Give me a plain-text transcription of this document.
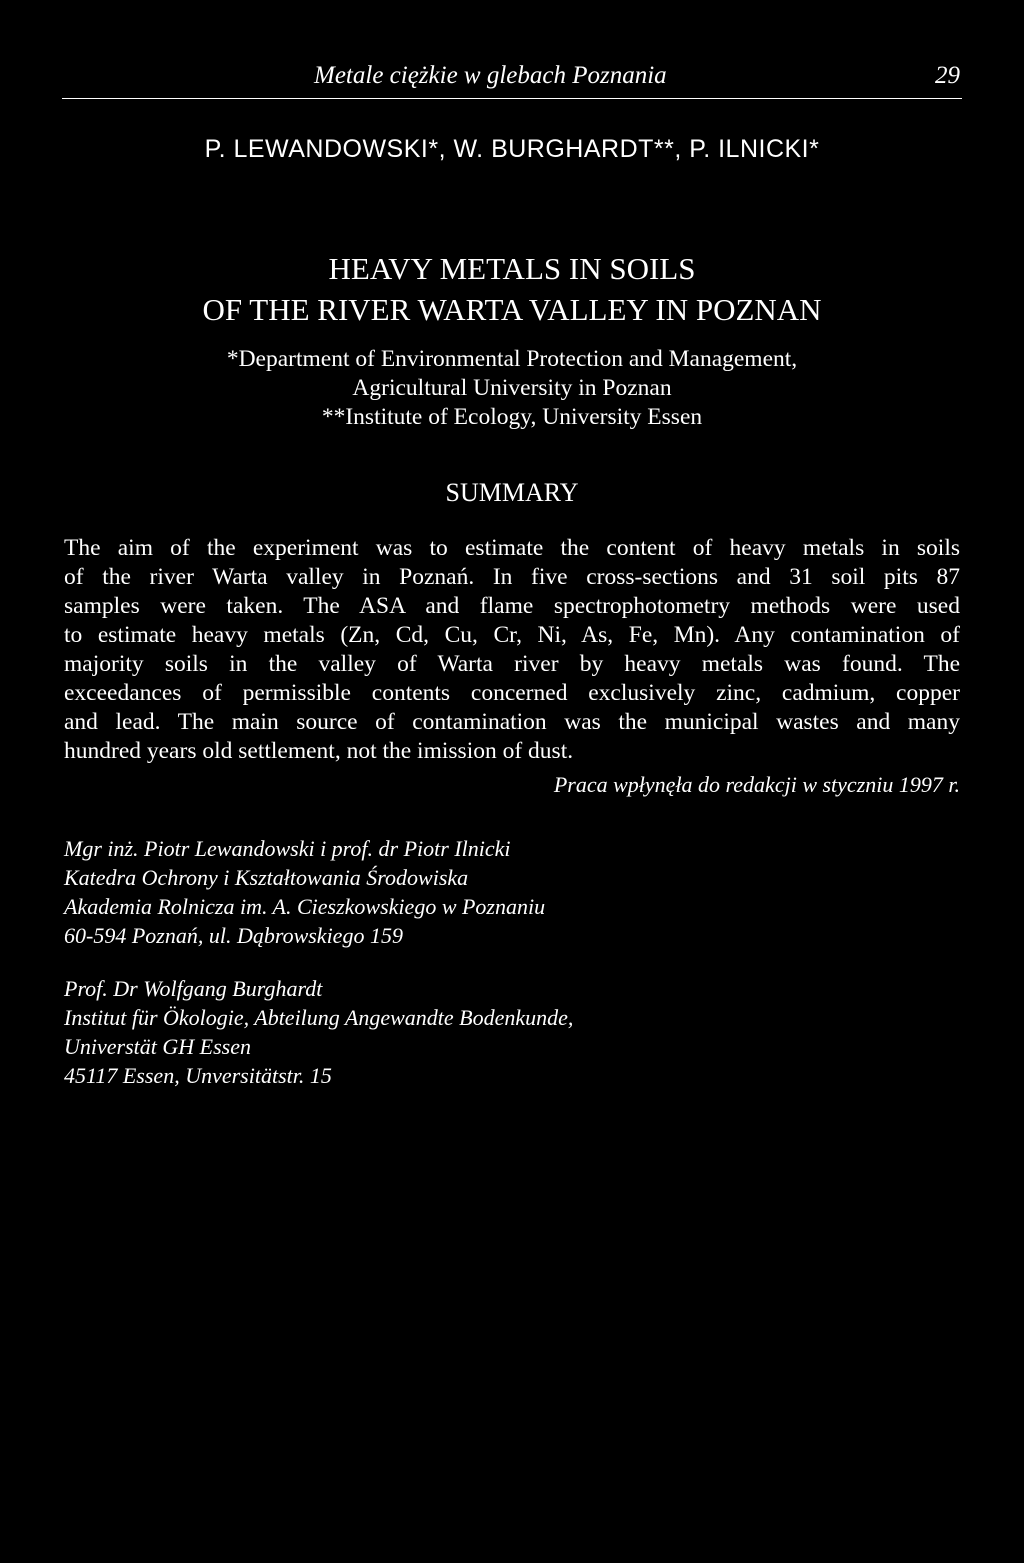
Metale ciężkie w glebach Poznania	29
P. LEWANDOWSKI*, W. BURGHARDT**, P. ILNICKI*
HEAVY METALS IN SOILS
OF THE RIVER WARTA VALLEY IN POZNAN
*Department of Environmental Protection and Management,
Agricultural University in Poznan
**Institute of Ecology, University Essen
SUMMARY

The aim of the experiment was to estimate the content of heavy metals in soils
of the river Warta valley in Poznań. In five cross-sections and 31 soil pits 87
samples were taken. The ASA and flame spectrophotometry methods were used
to estimate heavy metals (Zn, Cd, Cu, Cr, Ni, As, Fe, Mn). Any contamination of
majority soils in the valley of Warta river by heavy metals was found. The
exceedances of permissible contents concerned exclusively zinc, cadmium, copper
and lead. The main source of contamination was the municipal wastes and many
hundred years old settlement, not the imission of dust.

Praca wpłynęła do redakcji w styczniu 1997 r.
Mgr inż. Piotr Lewandowski i prof. dr Piotr Ilnicki
Katedra Ochrony i Kształtowania Środowiska
Akademia Rolnicza im. A. Cieszkowskiego w Poznaniu
60-594 Poznań, ul. Dąbrowskiego 159
Prof. Dr Wolfgang Burghardt
Institut für Ökologie, Abteilung Angewandte Bodenkunde,
Universtät GH Essen
45117 Essen, Unversitätstr. 15
